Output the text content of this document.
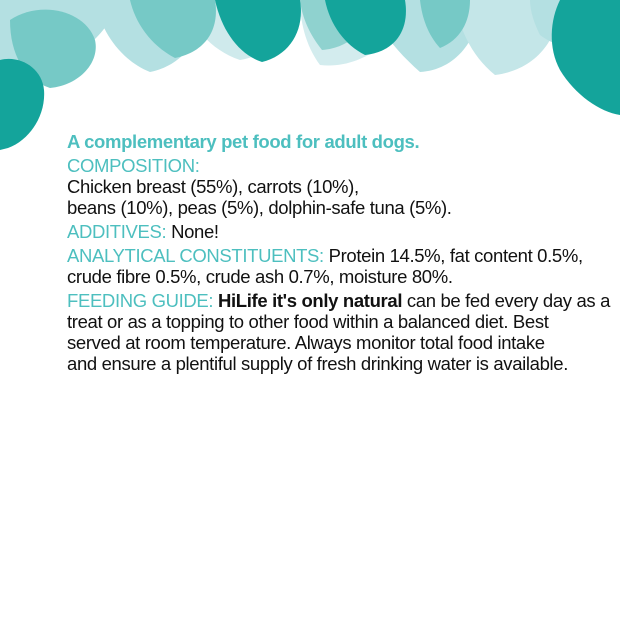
A complementary pet food for adult dogs.

COMPOSITION:
Chicken breast (55%), carrots (10%),
beans (10%), peas (5%), dolphin-safe tuna (5%).

ADDITIVES: None!

ANALYTICAL CONSTITUENTS: Protein 14.5%, fat content 0.5%,
crude fibre 0.5%, crude ash 0.7%, moisture 80%.

FEEDING GUIDE: HiLife it's only natural can be fed every day as a
treat or as a topping to other food within a balanced diet. Best
served at room temperature. Always monitor total food intake
and ensure a plentiful supply of fresh drinking water is available.
